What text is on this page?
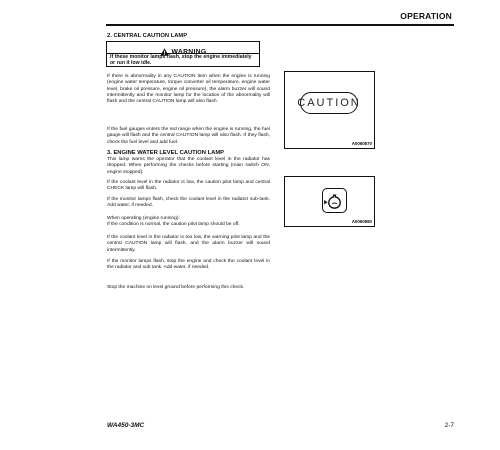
OPERATION
2. CENTRAL CAUTION LAMP
WARNING
If these monitor lamps flash, stop the engine immediately
or run it low idle.
If there is abnormality in any CAUTION item when the engine is running (engine water temperature, torque converter oil temperature, engine water level, brake oil pressure, engine oil pressure), the alarm buzzer will sound intermittently and the monitor lamp for the location of the abnormality will flash and the central CAUTION lamp will also flash.
If the fuel gauges enters the red range when the engine is running, the fuel gauge will flash and the central CAUTION lamp will also flash. If they flash, check the fuel level and add fuel.
3. ENGINE WATER LEVEL CAUTION LAMP
This lamp warns the operator that the coolant level in the radiator has dropped. When performing the checks before starting (main switch ON, engine stopped):
If the coolant level in the radiator is low, the caution pilot lamp and central CHECK lamp will flash.
If the monitor lamps flash, check the coolant level in the radiator sub-tank. Add water, if needed.
When operating (engine running):
If the condition is normal, the caution pilot lamp should be off.
If the coolant level in the radiator is too low, the warning pilot lamp and the central CAUTION lamp will flash, and the alarm buzzer will sound intermittently.
If the monitor lamps flash, stop the engine and check the coolant level in the radiator and sub tank. Add water, if needed.
Stop the machine on level ground before performing this check.
CAUTION
A0060870
A0060880
WA450-3MC	2-7
